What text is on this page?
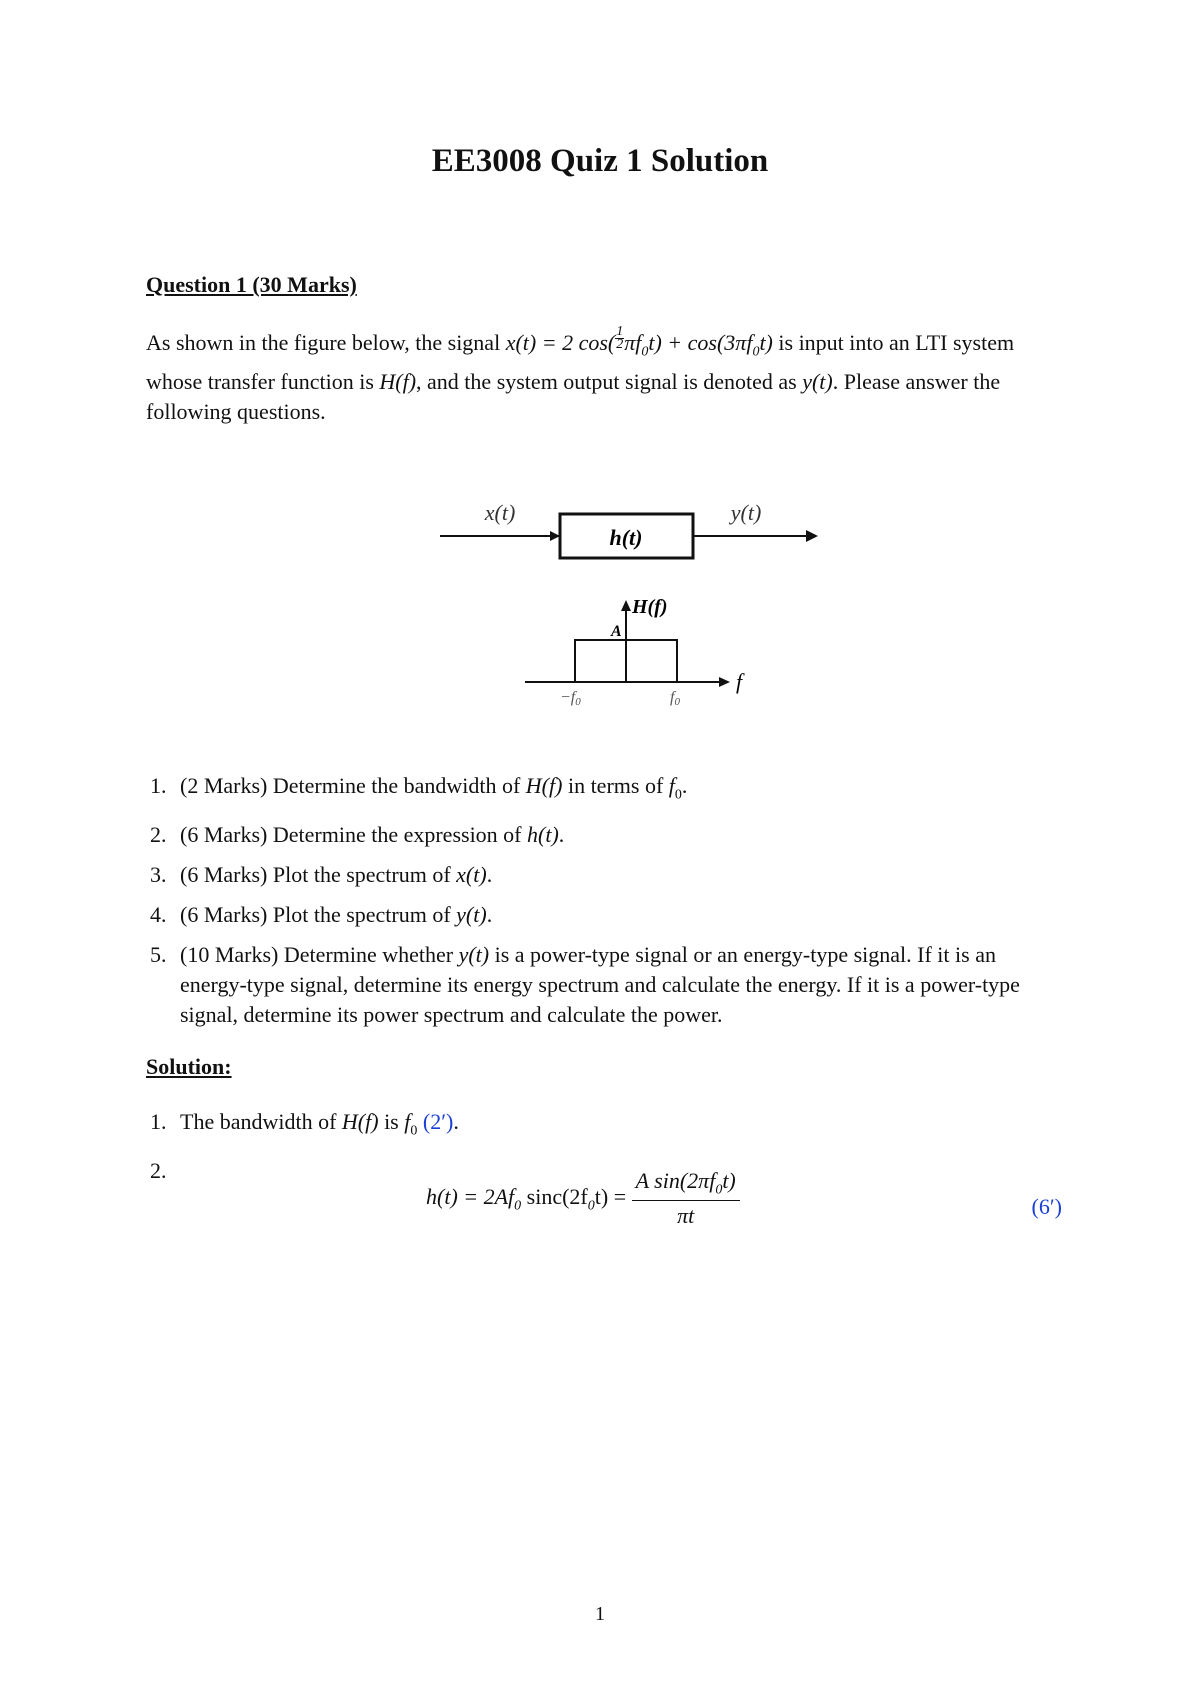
EE3008 Quiz 1 Solution
Question 1 (30 Marks)
As shown in the figure below, the signal x(t) = 2 $\cos( \frac{1}{2} \pi f_0t) + \cos(3\pi f_0t)$ is input into an LTI system whose transfer function is H(f), and the system output signal is denoted as y(t). Please answer the following questions.
h(t)
x(t)	y(t)
H(f)
A
f
−f0	f0
1. (2 Marks) Determine the bandwidth of H(f) in terms of $f_0$.
2. (6 Marks) Determine the expression of h(t).
3. (6 Marks) Plot the spectrum of x(t).
4. (6 Marks) Plot the spectrum of y(t).
5. (10 Marks) Determine whether y(t) is a power-type signal or an energy-type signal. If it is an energy-type signal, determine its energy spectrum and calculate the energy. If it is a power-type signal, determine its power spectrum and calculate the power.
Solution:
1. The bandwidth of H(f) is $f_0$ (2′).
2.
$h(t) = 2Af_0$ $\sin c(2f_0t) = \frac{A \sin(2\pi f_0t)}{\pi t}$	(6′)
1
